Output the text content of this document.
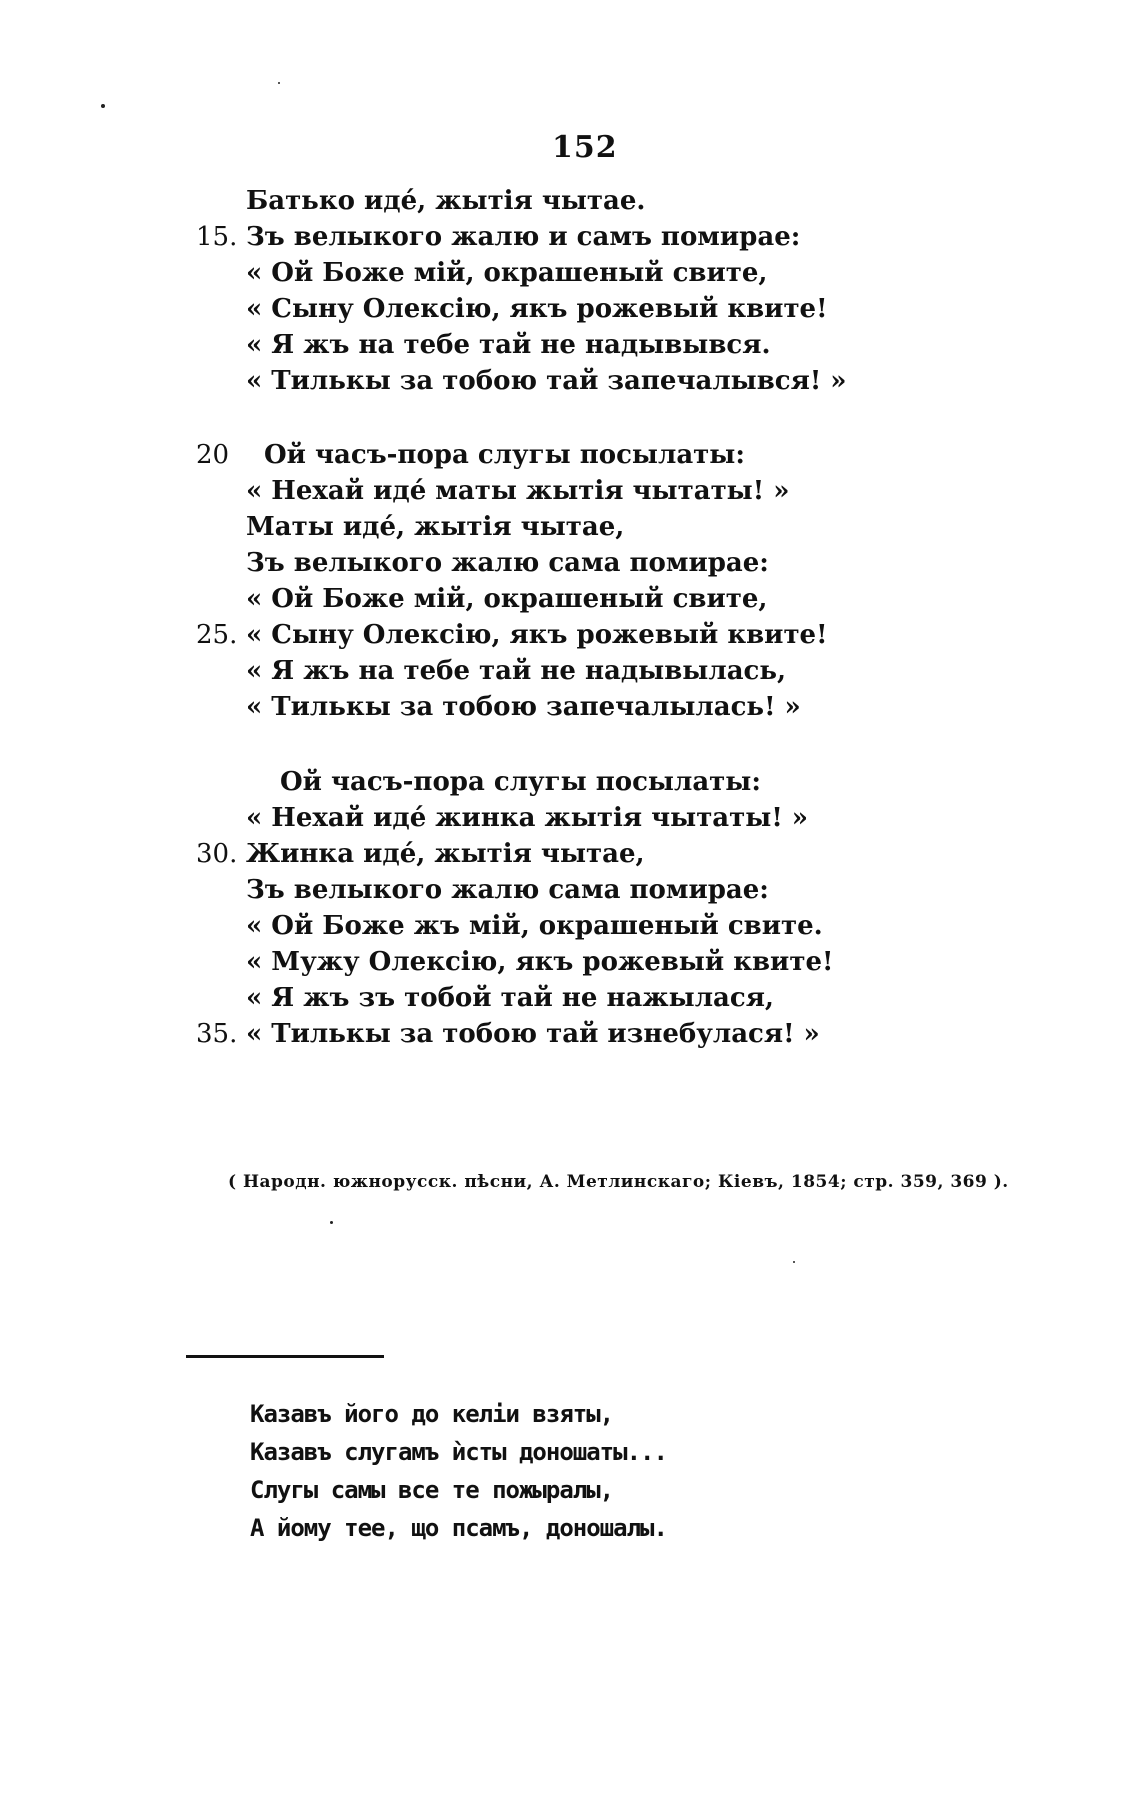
152
Батько идé, жытія чытае.
15. Зъ велыкого жалю и самъ помирае:
« Ой Боже мій, окрашеный свите,
« Сыну Олексію, якъ рожевый квите!
« Я жъ на тебе тай не надывывся.
« Тилькы за тобою тай запечалывся! »
20	Ой часъ-пора слугы посылаты:
« Нехай идé маты жытія чытаты! »
Маты идé, жытія чытае,
Зъ велыкого жалю сама помирае:
« Ой Боже мій, окрашеный свите,
25. « Сыну Олексію, якъ рожевый квите!
« Я жъ на тебе тай не надывылась,
« Тилькы за тобою запечалылась! »
Ой часъ-пора слугы посылаты:
« Нехай идé жинка жытія чытаты! »
30. Жинка идé, жытія чытае,
Зъ велыкого жалю сама помирае:
« Ой Боже жъ мій, окрашеный свите.
« Мужу Олексію, якъ рожевый квите!
« Я жъ зъ тобой тай не нажылася,
35. « Тилькы за тобою тай изнебулася! »
( Народн. южнорусск. пѣсни, А. Метлинскаго; Кіевъ, 1854; стр. 359, 369 ).
Казавъ його до келіи взяты,
Казавъ слугамъ ѝсты доношаты...
Слугы самы все те пожыралы,
А йому тее, що псамъ, доношалы.
